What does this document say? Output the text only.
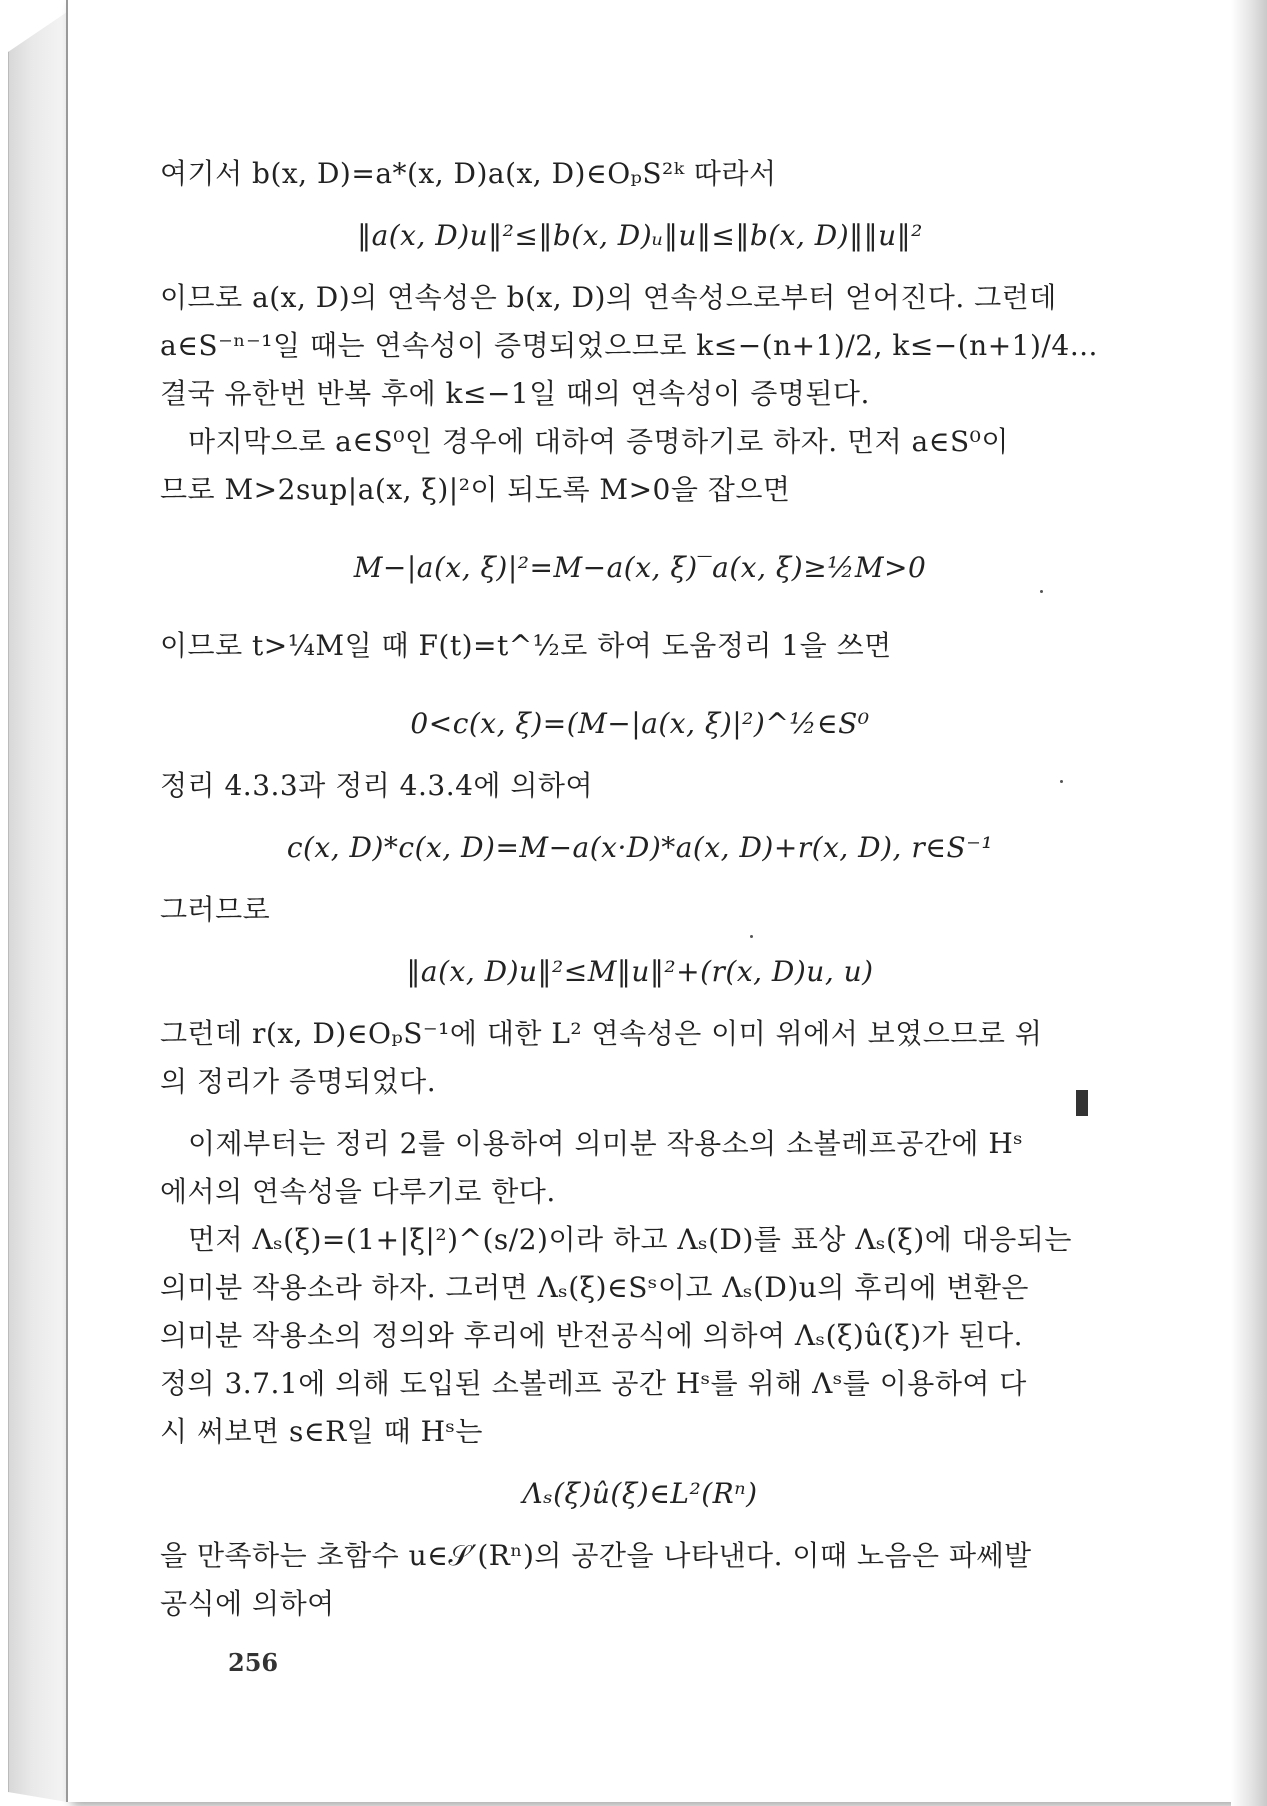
여기서 b(x, D)=a*(x, D)a(x, D)∈OₚS²ᵏ 따라서
‖a(x, D)u‖²≤‖b(x, D)ᵤ‖u‖≤‖b(x, D)‖‖u‖²
이므로 a(x, D)의 연속성은 b(x, D)의 연속성으로부터 얻어진다. 그런데
a∈S⁻ⁿ⁻¹일 때는 연속성이 증명되었으므로 k≤−(n+1)/2, k≤−(n+1)/4…
결국 유한번 반복 후에 k≤−1일 때의 연속성이 증명된다.
마지막으로 a∈S⁰인 경우에 대하여 증명하기로 하자. 먼저 a∈S⁰이
므로 M>2sup|a(x, ξ)|²이 되도록 M>0을 잡으면
M−|a(x, ξ)|²=M−a(x, ξ)‾a(x, ξ)≥½M>0
이므로 t>¼M일 때 F(t)=t^½로 하여 도움정리 1을 쓰면
0<c(x, ξ)=(M−|a(x, ξ)|²)^½∈S⁰
정리 4.3.3과 정리 4.3.4에 의하여
c(x, D)*c(x, D)=M−a(x·D)*a(x, D)+r(x, D), r∈S⁻¹
그러므로
‖a(x, D)u‖²≤M‖u‖²+(r(x, D)u, u)
그런데 r(x, D)∈OₚS⁻¹에 대한 L² 연속성은 이미 위에서 보였으므로 위
의 정리가 증명되었다.
이제부터는 정리 2를 이용하여 의미분 작용소의 소볼레프공간에 Hˢ
에서의 연속성을 다루기로 한다.
먼저 Λₛ(ξ)=(1+|ξ|²)^(s/2)이라 하고 Λₛ(D)를 표상 Λₛ(ξ)에 대응되는
의미분 작용소라 하자. 그러면 Λₛ(ξ)∈Sˢ이고 Λₛ(D)u의 후리에 변환은
의미분 작용소의 정의와 후리에 반전공식에 의하여 Λₛ(ξ)û(ξ)가 된다.
정의 3.7.1에 의해 도입된 소볼레프 공간 Hˢ를 위해 Λˢ를 이용하여 다
시 써보면 s∈R일 때 Hˢ는
Λₛ(ξ)û(ξ)∈L²(Rⁿ)
을 만족하는 초함수 u∈𝒮′(Rⁿ)의 공간을 나타낸다. 이때 노음은 파쎄발
공식에 의하여
256
